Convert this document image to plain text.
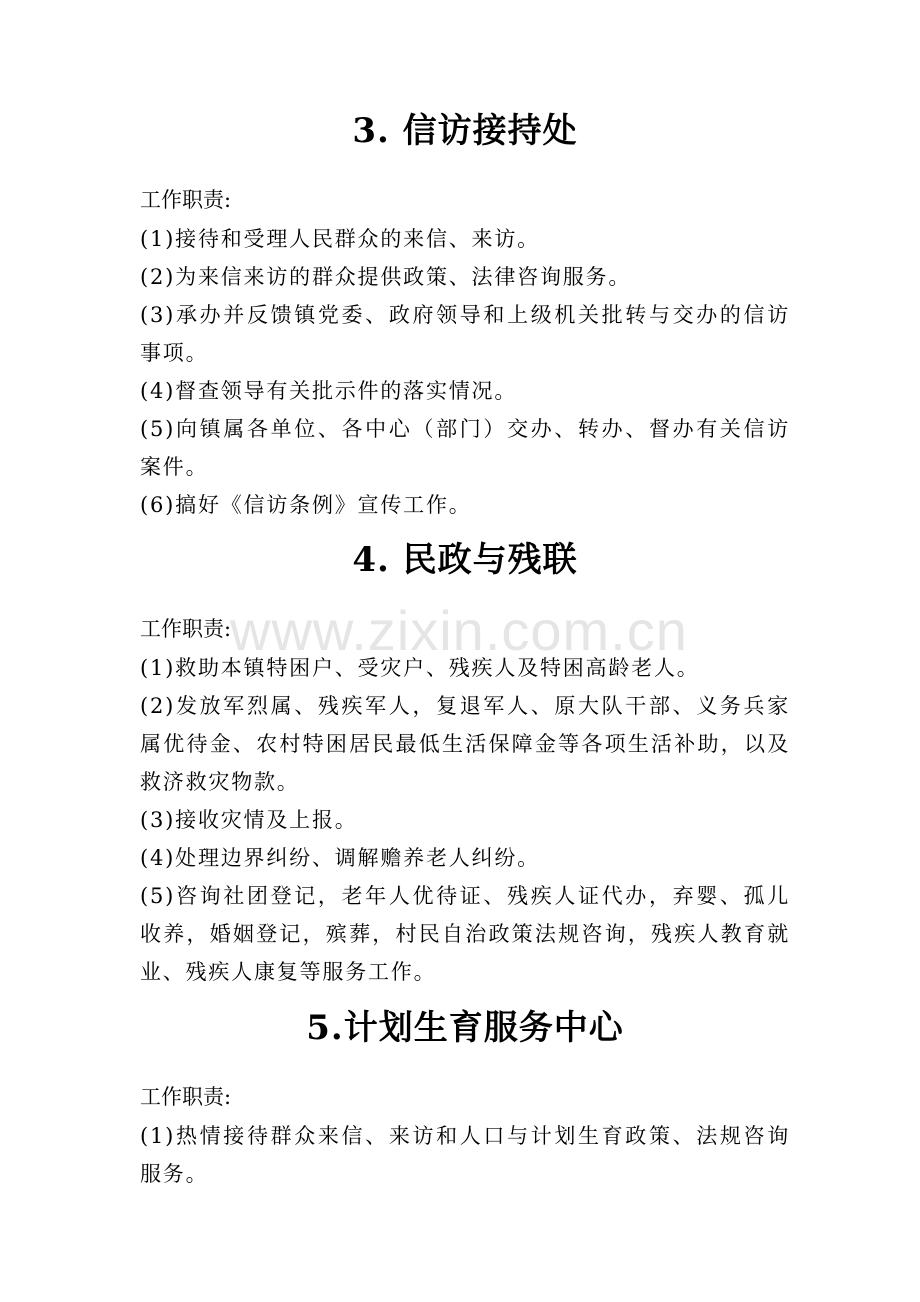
3. 信访接持处

工作职责:

(1)接待和受理人民群众的来信、来访。

(2)为来信来访的群众提供政策、法律咨询服务。

(3)承办并反馈镇党委、政府领导和上级机关批转与交办的信访事项。

(4)督查领导有关批示件的落实情况。

(5)向镇属各单位、各中心（部门）交办、转办、督办有关信访案件。

(6)搞好《信访条例》宣传工作。

4. 民政与残联

工作职责:

(1)救助本镇特困户、受灾户、残疾人及特困高龄老人。

(2)发放军烈属、残疾军人，复退军人、原大队干部、义务兵家属优待金、农村特困居民最低生活保障金等各项生活补助，以及救济救灾物款。

(3)接收灾情及上报。

(4)处理边界纠纷、调解赡养老人纠纷。

(5)咨询社团登记，老年人优待证、残疾人证代办，弃婴、孤儿收养，婚姻登记，殡葬，村民自治政策法规咨询，残疾人教育就业、残疾人康复等服务工作。

5.计划生育服务中心

工作职责:

(1)热情接待群众来信、来访和人口与计划生育政策、法规咨询服务。

www.zixin.com.cn
